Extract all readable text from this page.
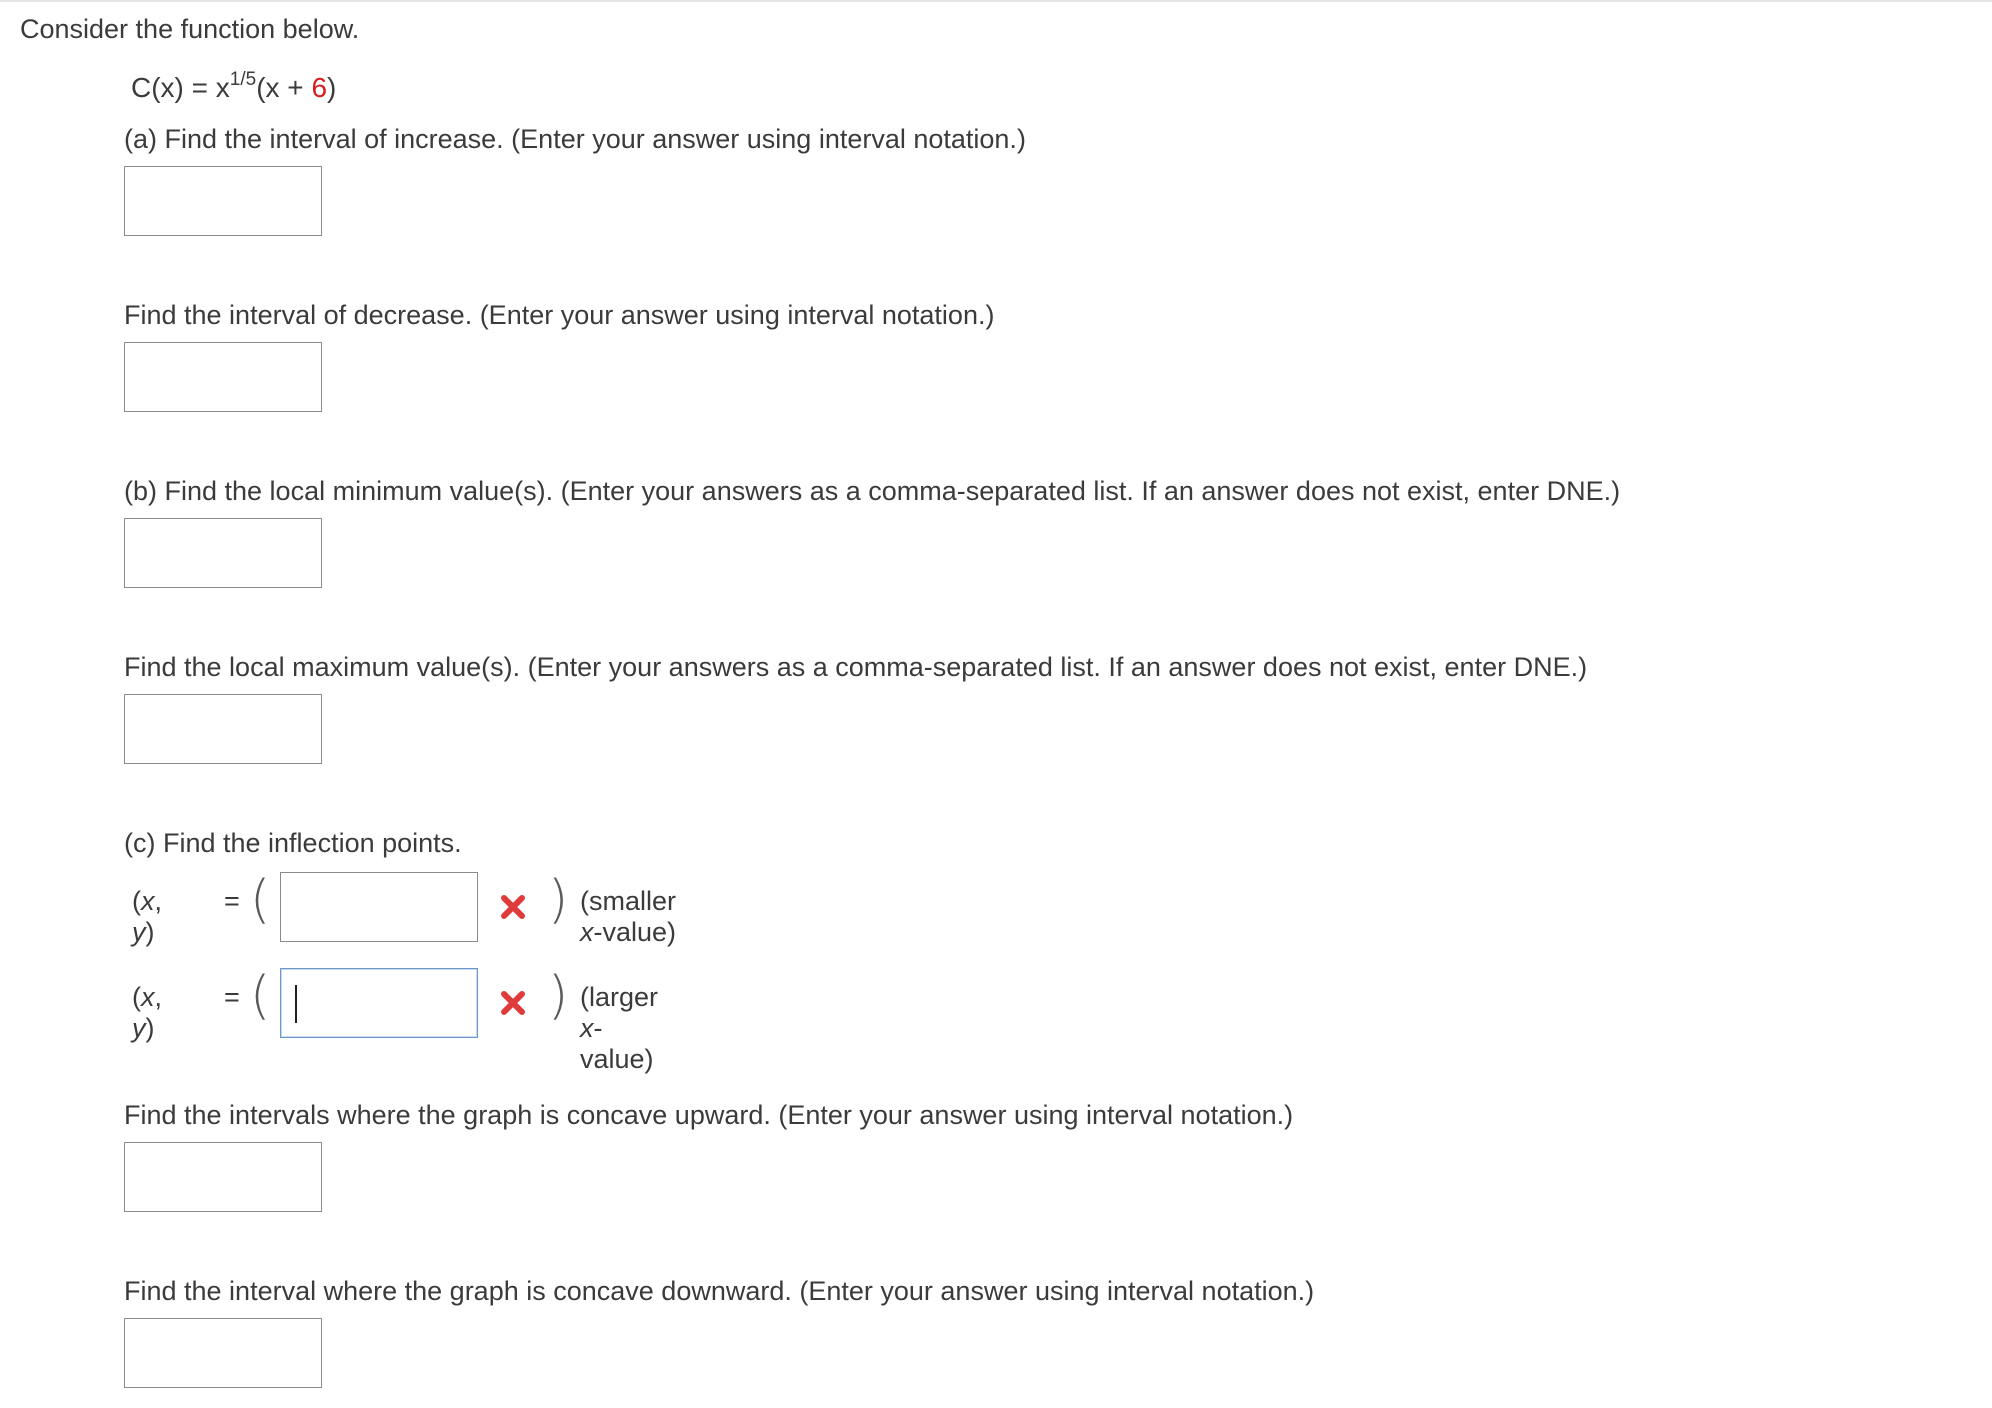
Consider the function below.
$C(x) = x^{1/5}(x + 6)$
(a) Find the interval of increase. (Enter your answer using interval notation.)
Find the interval of decrease. (Enter your answer using interval notation.)
(b) Find the local minimum value(s). (Enter your answers as a comma-separated list. If an answer does not exist, enter DNE.)
Find the local maximum value(s). (Enter your answers as a comma-separated list. If an answer does not exist, enter DNE.)
(c) Find the inflection points.
(x, y)
= (	) (smaller x-value)
(x, y)
= (	) (larger x-value)
Find the intervals where the graph is concave upward. (Enter your answer using interval notation.)
Find the interval where the graph is concave downward. (Enter your answer using interval notation.)
